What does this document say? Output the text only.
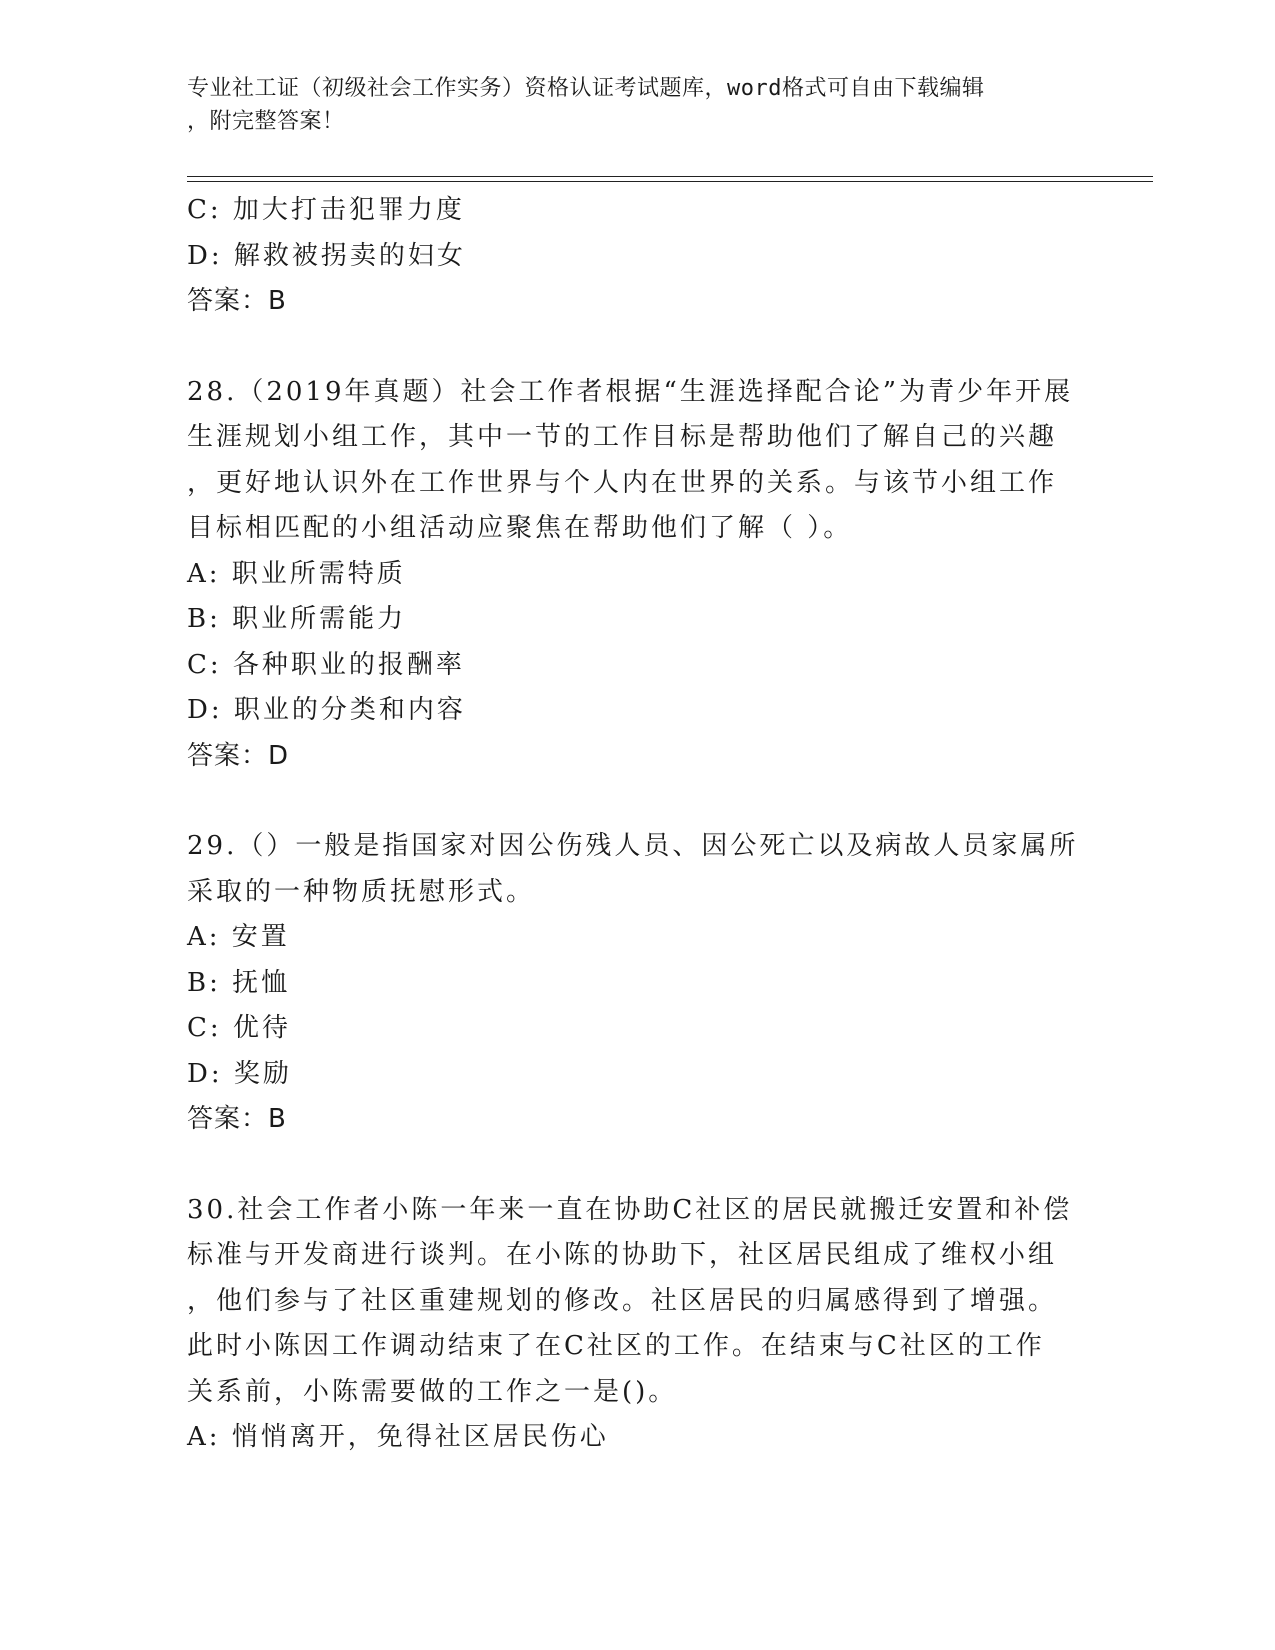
专业社工证（初级社会工作实务）资格认证考试题库，word格式可自由下载编辑
，附完整答案！
C: 加大打击犯罪力度
D: 解救被拐卖的妇女
答案：B
28.（2019年真题）社会工作者根据“生涯选择配合论”为青少年开展
生涯规划小组工作，其中一节的工作目标是帮助他们了解自己的兴趣
，更好地认识外在工作世界与个人内在世界的关系。与该节小组工作
目标相匹配的小组活动应聚焦在帮助他们了解（ ）。
A: 职业所需特质
B: 职业所需能力
C: 各种职业的报酬率
D: 职业的分类和内容
答案：D
29.（）一般是指国家对因公伤残人员、因公死亡以及病故人员家属所
采取的一种物质抚慰形式。
A: 安置
B: 抚恤
C: 优待
D: 奖励
答案：B
30.社会工作者小陈一年来一直在协助C社区的居民就搬迁安置和补偿
标准与开发商进行谈判。在小陈的协助下，社区居民组成了维权小组
，他们参与了社区重建规划的修改。社区居民的归属感得到了增强。
此时小陈因工作调动结束了在C社区的工作。在结束与C社区的工作
关系前，小陈需要做的工作之一是()。
A: 悄悄离开，免得社区居民伤心
